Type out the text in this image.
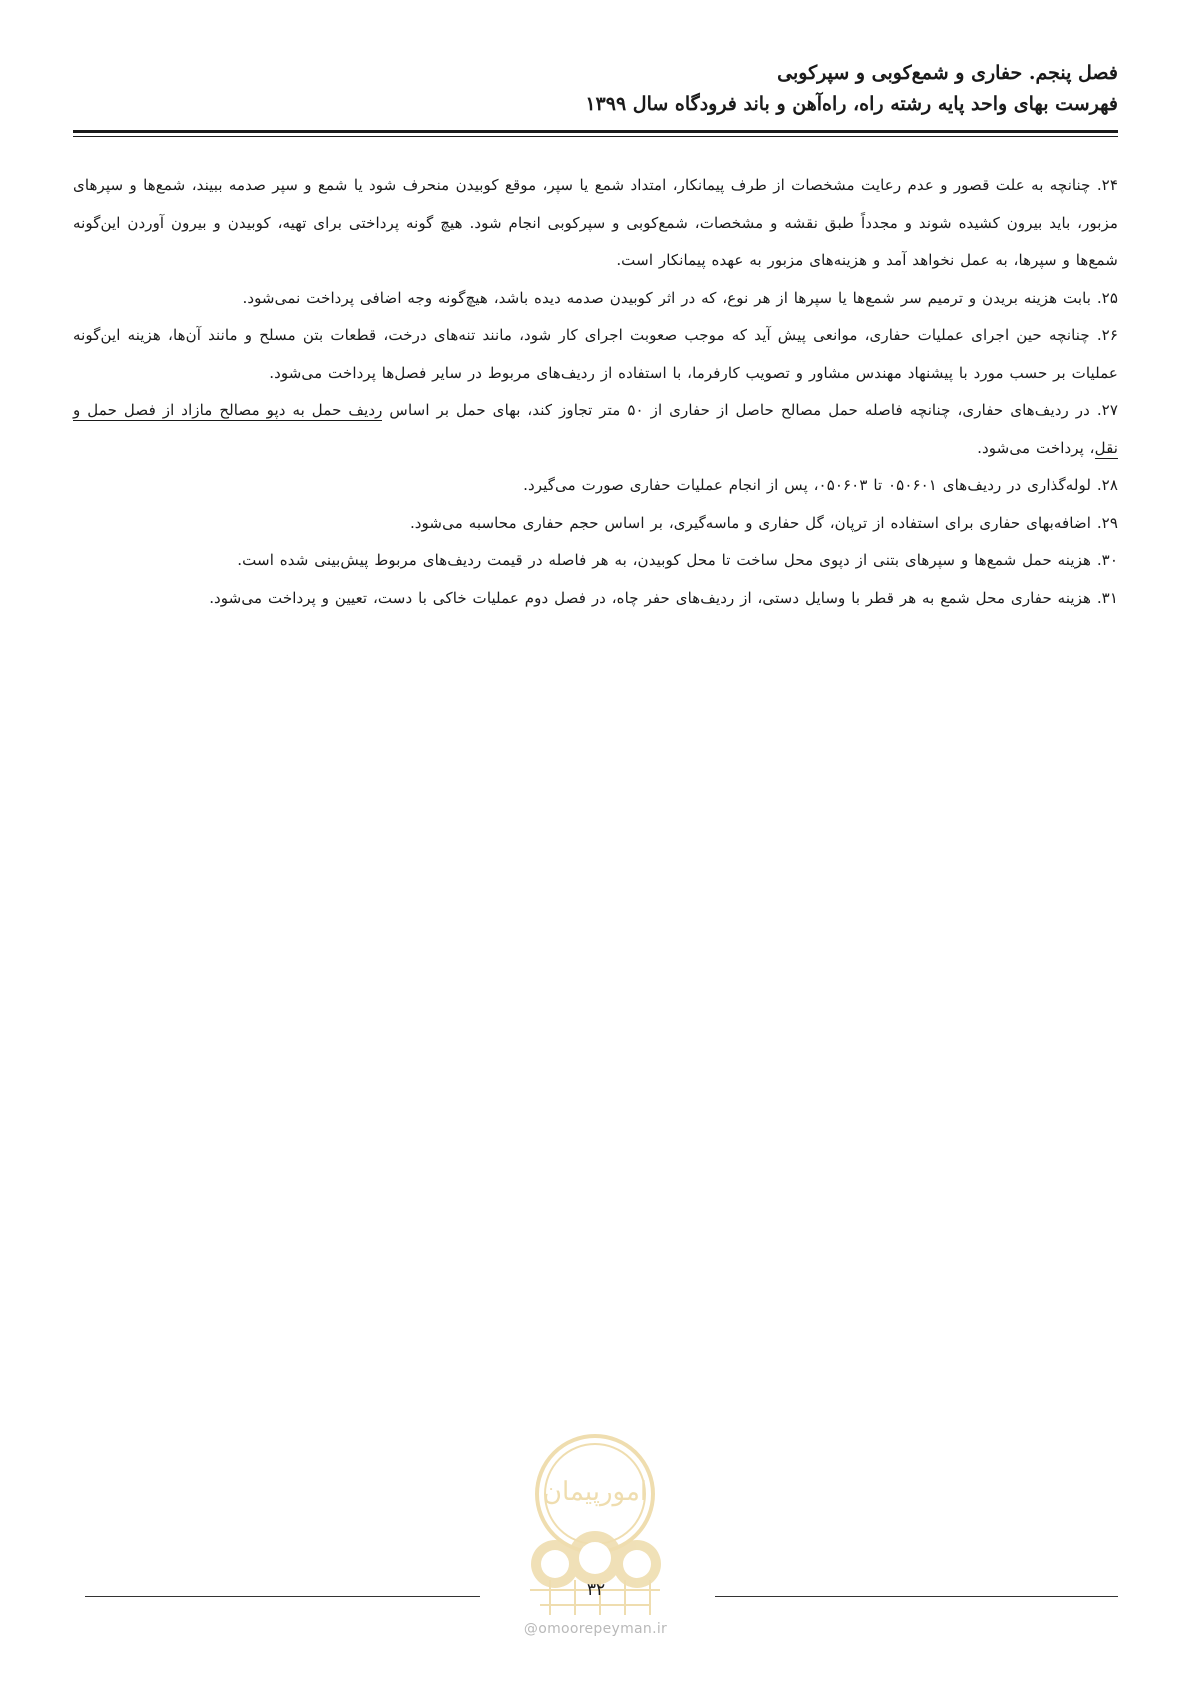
فصل پنجم. حفاری و شمع‌کوبی و سپرکوبی
فهرست بهای واحد پایه رشته راه، راه‌آهن و باند فرودگاه سال ۱۳۹۹

۲۴. چنانچه به علت قصور و عدم رعایت مشخصات از طرف پیمانکار، امتداد شمع یا سپر، موقع کوبیدن منحرف شود یا شمع و سپر صدمه ببیند، شمع‌ها و سپرهای مزبور، باید بیرون کشیده شوند و مجدداً طبق نقشه و مشخصات، شمع‌کوبی و سپرکوبی انجام شود. هیچ گونه پرداختی برای تهیه، کوبیدن و بیرون آوردن این‌گونه شمع‌ها و سپرها، به عمل نخواهد آمد و هزینه‌های مزبور به عهده پیمانکار است.

۲۵. بابت هزینه بریدن و ترمیم سر شمع‌ها یا سپرها از هر نوع، که در اثر کوبیدن صدمه دیده باشد، هیچ‌گونه وجه اضافی پرداخت نمی‌شود.

۲۶. چنانچه حین اجرای عملیات حفاری، موانعی پیش آید که موجب صعوبت اجرای کار شود، مانند تنه‌های درخت، قطعات بتن مسلح و مانند آن‌ها، هزینه این‌گونه عملیات بر حسب مورد با پیشنهاد مهندس مشاور و تصویب کارفرما، با استفاده از ردیف‌های مربوط در سایر فصل‌ها پرداخت می‌شود.

۲۷. در ردیف‌های حفاری، چنانچه فاصله حمل مصالح حاصل از حفاری از ۵۰ متر تجاوز کند، بهای حمل بر اساس ردیف حمل به دپو مصالح مازاد از فصل حمل و نقل، پرداخت می‌شود.

۲۸. لوله‌گذاری در ردیف‌های ۰۵۰۶۰۱ تا ۰۵۰۶۰۳، پس از انجام عملیات حفاری صورت می‌گیرد.

۲۹. اضافه‌بهای حفاری برای استفاده از ترپان، گل حفاری و ماسه‌گیری، بر اساس حجم حفاری محاسبه می‌شود.

۳۰. هزینه حمل شمع‌ها و سپرهای بتنی از دپوی محل ساخت تا محل کوبیدن، به هر فاصله در قیمت ردیف‌های مربوط پیش‌بینی شده است.

۳۱. هزینه حفاری محل شمع به هر قطر با وسایل دستی، از ردیف‌های حفر چاه، در فصل دوم عملیات خاکی با دست، تعیین و پرداخت می‌شود.

امورپیمان
۳۲
@omoorepeyman.ir
